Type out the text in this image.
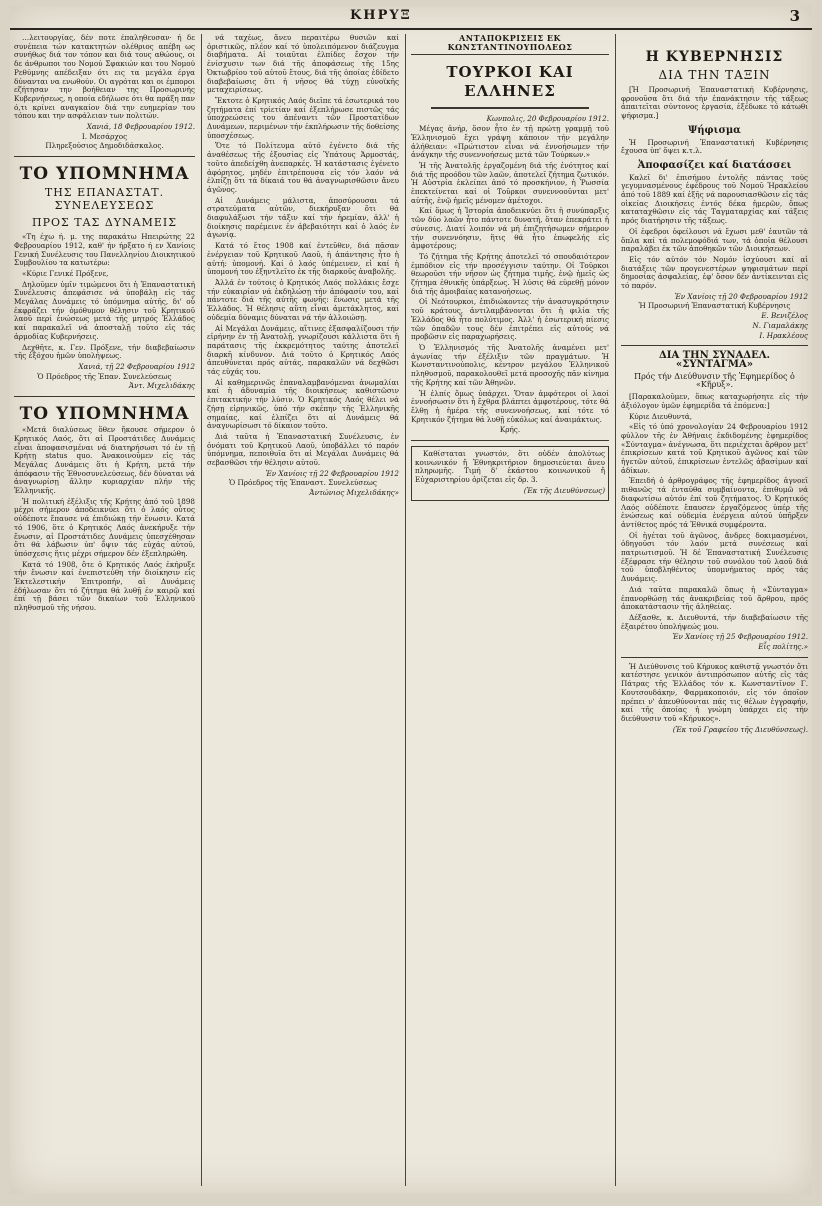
ΚΗΡΥΞ	3

…λειτουργίας, δέν ποτε έπαληθευσαν· ή δε συνέπεια τών κατακτητών ολέθριος απέβη ως συνήθως διά τον τόπον και διά τους αθώους, οι δε άνθρωποι του Νομού Σφακιών και του Νομού Ρεθύμνης απέδειξαν ότι εις τα μεγάλα έργα δύνανται να ενωθούν. Οι αγρόται και οι έμποροι εζήτησαν την βοήθειαν της Προσωρινής Κυβερνήσεως, η οποία εδήλωσε ότι θα πράξη παν ό,τι κρίνει αναγκαίον διά την ευημερίαν του τόπου και την ασφάλειαν των πολιτών.

Χανιά, 18 Φεβρουαρίου 1912.

Ι. Μεσάρχος

Πληρεξούσιος Δημοδιδάσκαλος.

ΤΟ ΥΠΟΜΝΗΜΑ
ΤΗΣ ΕΠΑΝΑΣΤΑΤ. ΣΥΝΕΛΕΥΣΕΩΣ
ΠΡΟΣ ΤΑΣ ΔΥΝΑΜΕΙΣ

«Τη έχω ή. μ. της παρακάτω Ηπειρώτης 22 Φεβρουαρίου 1912, καθ' ήν ήρξατο ή εν Χανίοις Γενική Συνέλευσις του Πανελληνίου Διοικητικού Συμβουλίου τα κατωτέρω:

«Κύριε Γενικέ Πρόξενε,

Δηλοῦμεν ὑμῖν τιμώμενοι ὅτι ἡ Ἐπαναστατική Συνέλευσις ἀπεφάσισε νά ὑποβάλῃ εἰς τάς Μεγάλας Δυνάμεις τό ὑπόμνημα αὐτῆς, δι' οὗ ἐκφράζει τήν ὁμόθυμον θέλησιν τοῦ Κρητικοῦ λαοῦ περί ἑνώσεως μετά τῆς μητρός Ἑλλάδος καί παρακαλεῖ νά ἀποσταλῇ τοῦτο εἰς τάς ἀρμοδίας Κυβερνήσεις.

Δεχθῆτε, κ. Γεν. Πρόξενε, τήν διαβεβαίωσιν τῆς ἐξόχου ἡμῶν ὑπολήψεως.

Χανιά, τῇ 22 Φεβρουαρίου 1912

Ὁ Πρόεδρος τῆς Ἐπαν. Συνελεύσεως

Ἀντ. Μιχελιδάκης

ΤΟ ΥΠΟΜΝΗΜΑ

«Μετά διαλύσεως ὅθεν ἤκουσε σήμερον ὁ Κρητικός Λαός, ὅτι αἱ Προστάτιδες Δυνάμεις εἶναι ἀποφασισμέναι νά διατηρήσωσι τό ἐν τῇ Κρήτῃ status quo. Ἀνακοινοῦμεν εἰς τάς Μεγάλας Δυνάμεις ὅτι ἡ Κρήτη, μετά τήν ἀπόφασιν τῆς Ἐθνοσυνελεύσεως, δέν δύναται νά ἀναγνωρίσῃ ἄλλην κυριαρχίαν πλήν τῆς Ἑλληνικῆς.

Ἡ πολιτική ἐξέλιξις τῆς Κρήτης ἀπό τοῦ 1898 μέχρι σήμερον ἀποδεικνύει ὅτι ὁ λαός οὗτος οὐδέποτε ἔπαυσε νά ἐπιδιώκῃ τήν ἕνωσιν. Κατά τό 1906, ὅτε ὁ Κρητικός Λαός ἀνεκήρυξε τήν ἕνωσιν, αἱ Προστάτιδες Δυνάμεις ὑπεσχέθησαν ὅτι θά λάβωσιν ὑπ' ὄψιν τάς εὐχάς αὐτοῦ, ὑπόσχεσις ἥτις μέχρι σήμερον δέν ἐξεπληρώθη.

Κατά τό 1908, ὅτε ὁ Κρητικός Λαός ἐκήρυξε τήν ἕνωσιν καί ἐνεπιστεύθη τήν διοίκησιν εἰς Ἐκτελεστικήν Ἐπιτροπήν, αἱ Δυνάμεις ἐδήλωσαν ὅτι τό ζήτημα θά λυθῇ ἐν καιρῷ καί ἐπί τῇ βάσει τῶν δικαίων τοῦ Ἑλληνικοῦ πληθυσμοῦ τῆς νήσου.

νά ταχέως, ἄνευ περαιτέρω θυσιῶν καί ὁριστικῶς, πλέον καί τό ὑπολειπόμενον διάζευγμα διαβήματα. Αἱ τοιαῦται ἐλπίδες ἔσχον τήν ἐνίσχυσιν των διά τῆς ἀποφάσεως τῆς 15ης Ὀκτωβρίου τοῦ αὐτοῦ ἔτους, διά τῆς ὁποίας ἐδίδετο διαβεβαίωσις ὅτι ἡ νῆσος θά τύχῃ εὐνοϊκῆς μεταχειρίσεως.

Ἔκτοτε ὁ Κρητικός Λαός διεῖπε τά ἐσωτερικά του ζητήματα ἐπί τρίετίαν καί ἐξεπλήρωσε πιστῶς τάς ὑποχρεώσεις του ἀπέναντι τῶν Προστατίδων Δυνάμεων, περιμένων τήν ἐκπλήρωσιν τῆς δοθείσης ὑποσχέσεως.

Ὅτε τό Πολίτευμα αὐτό ἐγένετο διά τῆς ἀναθέσεως τῆς ἐξουσίας εἰς Ὑπάτους Ἀρμοστάς, τοῦτο ἀπεδείχθη ἀνεπαρκές. Ἡ κατάστασις ἐγένετο ἀφόρητος, μηδέν ἐπιτρέπουσα εἰς τόν λαόν νά ἐλπίζῃ ὅτι τά δίκαιά του θά ἀναγνωρισθῶσιν ἄνευ ἀγῶνος.

Αἱ Δυνάμεις μάλιστα, ἀποσύρουσαι τά στρατεύματα αὐτῶν, διεκήρυξαν ὅτι θά διαφυλάξωσι τήν τάξιν καί τήν ἠρεμίαν, ἀλλ' ἡ διοίκησις παρέμεινε ἐν ἀβεβαιότητι καί ὁ λαός ἐν ἀγωνίᾳ.

Κατά τό ἔτος 1908 καί ἐντεῦθεν, διά πᾶσαν ἐνέργειαν τοῦ Κρητικοῦ Λαοῦ, ἡ ἀπάντησις ἦτο ἡ αὐτή: ὑπομονή. Καί ὁ λαός ὑπέμεινεν, εἰ καί ἡ ὑπομονή του ἐξηντλεῖτο ἐκ τῆς διαρκοῦς ἀναβολῆς.

Ἀλλά ἐν τούτοις ὁ Κρητικός Λαός πολλάκις ἔσχε τήν εὐκαιρίαν νά ἐκδηλώσῃ τήν ἀπόφασίν του, καί πάντοτε διά τῆς αὐτῆς φωνῆς: ἕνωσις μετά τῆς Ἑλλάδος. Ἡ θέλησις αὕτη εἶναι ἀμετάκλητος, καί οὐδεμία δύναμις δύναται νά τήν ἀλλοιώσῃ.

Αἱ Μεγάλαι Δυνάμεις, αἵτινες ἐξασφαλίζουσι τήν εἰρήνην ἐν τῇ Ἀνατολῇ, γνωρίζουσι κάλλιστα ὅτι ἡ παράτασις τῆς ἐκκρεμότητος ταύτης ἀποτελεῖ διαρκῆ κίνδυνον. Διά τοῦτο ὁ Κρητικός Λαός ἀπευθύνεται πρός αὐτάς, παρακαλῶν νά δεχθῶσι τάς εὐχάς του.

Αἱ καθημερινῶς ἐπαναλαμβανόμεναι ἀνωμαλίαι καί ἡ ἀδυναμία τῆς διοικήσεως καθιστῶσιν ἐπιτακτικήν τήν λύσιν. Ὁ Κρητικός Λαός θέλει νά ζήσῃ εἰρηνικῶς, ὑπό τήν σκέπην τῆς Ἑλληνικῆς σημαίας, καί ἐλπίζει ὅτι αἱ Δυνάμεις θά ἀναγνωρίσωσι τό δίκαιον τοῦτο.

Διά ταῦτα ἡ Ἐπαναστατική Συνέλευσις, ἐν ὀνόματι τοῦ Κρητικοῦ Λαοῦ, ὑποβάλλει τό παρόν ὑπόμνημα, πεποιθυῖα ὅτι αἱ Μεγάλαι Δυνάμεις θά σεβασθῶσι τήν θέλησιν αὐτοῦ.

Ἐν Χανίοις τῇ 22 Φεβρουαρίου 1912

Ὁ Πρόεδρος τῆς Ἐπαναστ. Συνελεύσεως

Ἀντώνιος Μιχελιδάκης»

ΑΝΤΑΠΟΚΡΙΣΕΙΣ ΕΚ ΚΩΝΣΤΑΝΤΙΝΟΥΠΟΛΕΩΣ
ΤΟΥΡΚΟΙ ΚΑΙ ΕΛΛΗΝΕΣ

Κωνπολις, 20 Φεβρουαρίου 1912.

Μέγας ἀνήρ, ὅσον ἦτο ἐν τῇ πρώτῃ γραμμῇ τοῦ Ἑλληνισμοῦ ἔχει γράψη κάποιον τήν μεγάλην ἀλήθειαν: «Πρώτιστον εἶναι νά ἐννοήσωμεν τήν ἀνάγκην τῆς συνεννοήσεως μετά τῶν Τούρκων.»

Ἡ τῆς Ἀνατολῆς ἐργαζομένη διά τῆς ἐνότητος καί διά τῆς προόδου τῶν λαῶν, ἀποτελεῖ ζήτημα ζωτικόν. Ἡ Αὐστρία ἐκλείπει ἀπό τό προσκήνιον, ἡ Ῥωσσία ἐπεκτείνεται καί οἱ Τοῦρκοι συνεννοοῦνται μετ' αὐτῆς, ἐνῷ ἡμεῖς μένομεν ἀμέτοχοι.

Καί ὅμως ἡ Ἰστορία ἀποδεικνύει ὅτι ἡ συνύπαρξις τῶν δύο λαῶν ἦτο πάντοτε δυνατή, ὅταν ἐπεκράτει ἡ σύνεσις. Διατί λοιπόν νά μή ἐπιζητήσωμεν σήμερον τήν συνεννόησιν, ἥτις θά ἦτο ἐπωφελής εἰς ἀμφοτέρους;

Τό ζήτημα τῆς Κρήτης ἀποτελεῖ τό σπουδαιότερον ἐμπόδιον εἰς τήν προσέγγισιν ταύτην. Οἱ Τοῦρκοι θεωροῦσι τήν νῆσον ὡς ζήτημα τιμῆς, ἐνῷ ἡμεῖς ὡς ζήτημα ἐθνικῆς ὑπάρξεως. Ἡ λύσις θά εὑρεθῇ μόνον διά τῆς ἀμοιβαίας κατανοήσεως.

Οἱ Νεότουρκοι, ἐπιδιώκοντες τήν ἀνασυγκρότησιν τοῦ κράτους, ἀντιλαμβάνονται ὅτι ἡ φιλία τῆς Ἑλλάδος θά ἦτο πολύτιμος. Ἀλλ' ἡ ἐσωτερική πίεσις τῶν ὀπαδῶν τους δέν ἐπιτρέπει εἰς αὐτούς νά προβῶσιν εἰς παραχωρήσεις.

Ὁ Ἑλληνισμός τῆς Ἀνατολῆς ἀναμένει μετ' ἀγωνίας τήν ἐξέλιξιν τῶν πραγμάτων. Ἡ Κωνσταντινούπολις, κέντρον μεγάλου Ἑλληνικοῦ πληθυσμοῦ, παρακολουθεῖ μετά προσοχῆς πᾶν κίνημα τῆς Κρήτης καί τῶν Ἀθηνῶν.

Ἡ ἐλπίς ὅμως ὑπάρχει. Ὅταν ἀμφότεροι οἱ λαοί ἐννοήσωσιν ὅτι ἡ ἔχθρα βλάπτει ἀμφοτέρους, τότε θά ἔλθῃ ἡ ἡμέρα τῆς συνεννοήσεως, καί τότε τό Κρητικόν ζήτημα θά λυθῇ εὐκόλως καί ἀναιμάκτως.

Κρής.

Καθίσταται γνωστόν, ὅτι οὐδέν ἀπολύτως κοινωνικόν ἤ Ἐθνηκριτήριον δημοσιεύεται ἄνευ πληρωμῆς. Τιμή δ' ἑκάστου κοινωνικοῦ ἤ Εὐχαριστηρίου ὁρίζεται εἰς δρ. 3.

(Ἐκ τῆς Διευθύνσεως)

Η ΚΥΒΕΡΝΗΣΙΣ
ΔΙΑ ΤΗΝ ΤΑΞΙΝ

[Ἡ Προσωρινή Ἐπαναστατική Κυβέρνησις, φρονοῦσα ὅτι διά τήν ἐπανάκτησιν τῆς τάξεως ἀπαιτεῖται σύντονος ἐργασία, ἐξέδωκε τό κάτωθι ψήφισμα.]

Ψήφισμα

Ἡ Προσωρινή Ἐπαναστατική Κυβέρνησις ἔχουσα ὑπ' ὄψει κ.τ.λ.

Ἀποφασίζει καί διατάσσει

Καλεῖ δι' ἐπισήμου ἐντολῆς πάντας τούς γεγυμνασμένους ἐφέδρους τοῦ Νομοῦ Ἡρακλείου ἀπό τοῦ 1889 καί ἑξῆς νά παρουσιασθῶσιν εἰς τάς οἰκείας Διοικήσεις ἐντός δέκα ἡμερῶν, ὅπως καταταχθῶσιν εἰς τάς Ταγματαρχίας καί τάξεις πρός διατήρησιν τῆς τάξεως.

Οἱ ἐφεδροι ὀφείλουσι νά ἔχωσι μεθ' ἑαυτῶν τά ὅπλα καί τά πολεμοφόδιά των, τά ὁποῖα θέλουσι παραλάβει ἐκ τῶν ἀποθηκῶν τῶν Διοικήσεων.

Εἰς τόν αὐτόν τόν Νομόν ἰσχύουσι καί αἱ διατάξεις τῶν προγενεστέρων ψηφισμάτων περί δημοσίας ἀσφαλείας, ἐφ' ὅσον δέν ἀντίκεινται εἰς τό παρόν.

Ἐν Χανίοις τῇ 20 Φεβρουαρίου 1912

Ἡ Προσωρινή Ἐπαναστατική Κυβέρνησις

Ε. Βενιζέλος

Ν. Γιαμαλάκης

Ι. Ηρακλέους

ΔΙΑ ΤΗΝ ΣΥΝΑΔΕΛ. «ΣΥΝΤΑΓΜΑ»

Πρός τήν Διεύθυνσιν τῆς Ἐφημερίδος ὁ «Κῆρυξ».

[Παρακαλοῦμεν, ὅπως καταχωρήσητε εἰς τήν ἀξιόλογον ὑμῶν ἐφημερίδα τά ἑπόμενα:]

Κύριε Διευθυντά,

«Εἰς τό ὑπό χρονολογίαν 24 Φεβρουαρίου 1912 φύλλον τῆς ἐν Ἀθήναις ἐκδιδομένης ἐφημερίδος «Σύνταγμα» ἀνέγνωσα, ὅτι περιέχεται ἄρθρον μετ' ἐπικρίσεων κατά τοῦ Κρητικοῦ ἀγῶνος καί τῶν ἡγετῶν αὐτοῦ, ἐπικρίσεων ἐντελῶς ἀβασίμων καί ἀδίκων.

Ἐπειδή ὁ ἀρθρογράφος τῆς ἐφημερίδος ἀγνοεῖ πιθανῶς τά ἐνταῦθα συμβαίνοντα, ἐπιθυμῶ νά διαφωτίσω αὐτόν ἐπί τοῦ ζητήματος. Ὁ Κρητικός Λαός οὐδέποτε ἔπαυσεν ἐργαζόμενος ὑπέρ τῆς ἑνώσεως καί οὐδεμία ἐνέργεια αὐτοῦ ὑπῆρξεν ἀντίθετος πρός τά Ἐθνικά συμφέροντα.

Οἱ ἡγέται τοῦ ἀγῶνος, ἄνδρες δοκιμασμένοι, ὁδηγοῦσι τόν λαόν μετά συνέσεως καί πατριωτισμοῦ. Ἡ δέ Ἐπαναστατική Συνέλευσις ἐξέφρασε τήν θέλησιν τοῦ συνόλου τοῦ λαοῦ διά τοῦ ὑποβληθέντος ὑπομνήματος πρός τάς Δυνάμεις.

Διά ταῦτα παρακαλῶ ὅπως ἡ «Σύνταγμα» ἐπανορθώσῃ τάς ἀνακριβείας τοῦ ἄρθρου, πρός ἀποκατάστασιν τῆς ἀληθείας.

Δέξασθε, κ. Διευθυντά, τήν διαβεβαίωσιν τῆς ἐξαιρέτου ὑπολήψεώς μου.

Ἐν Χανίοις τῇ 25 Φεβρουαρίου 1912.

Εἷς πολίτης.»

Ἡ Διεύθυνσις τοῦ Κήρυκος καθιστᾷ γνωστόν ὅτι κατέστησε γενικόν ἀντιπρόσωπον αὐτῆς εἰς τάς Πάτρας τῆς Ἑλλάδος τόν κ. Κωνσταντῖνον Γ. Κουτσουδάκην, Φαρμακοποιόν, εἰς τόν ὁποῖον πρέπει ν' ἀπευθύνονται πάς τις θέλων ἐγγραφήν, καί τῆς ὁποίας ἡ γνώμη ὑπάρχει εἰς τήν διεύθυνσιν τοῦ «Κήρυκος».

(Ἐκ τοῦ Γραφείου τῆς Διευθύνσεως).
